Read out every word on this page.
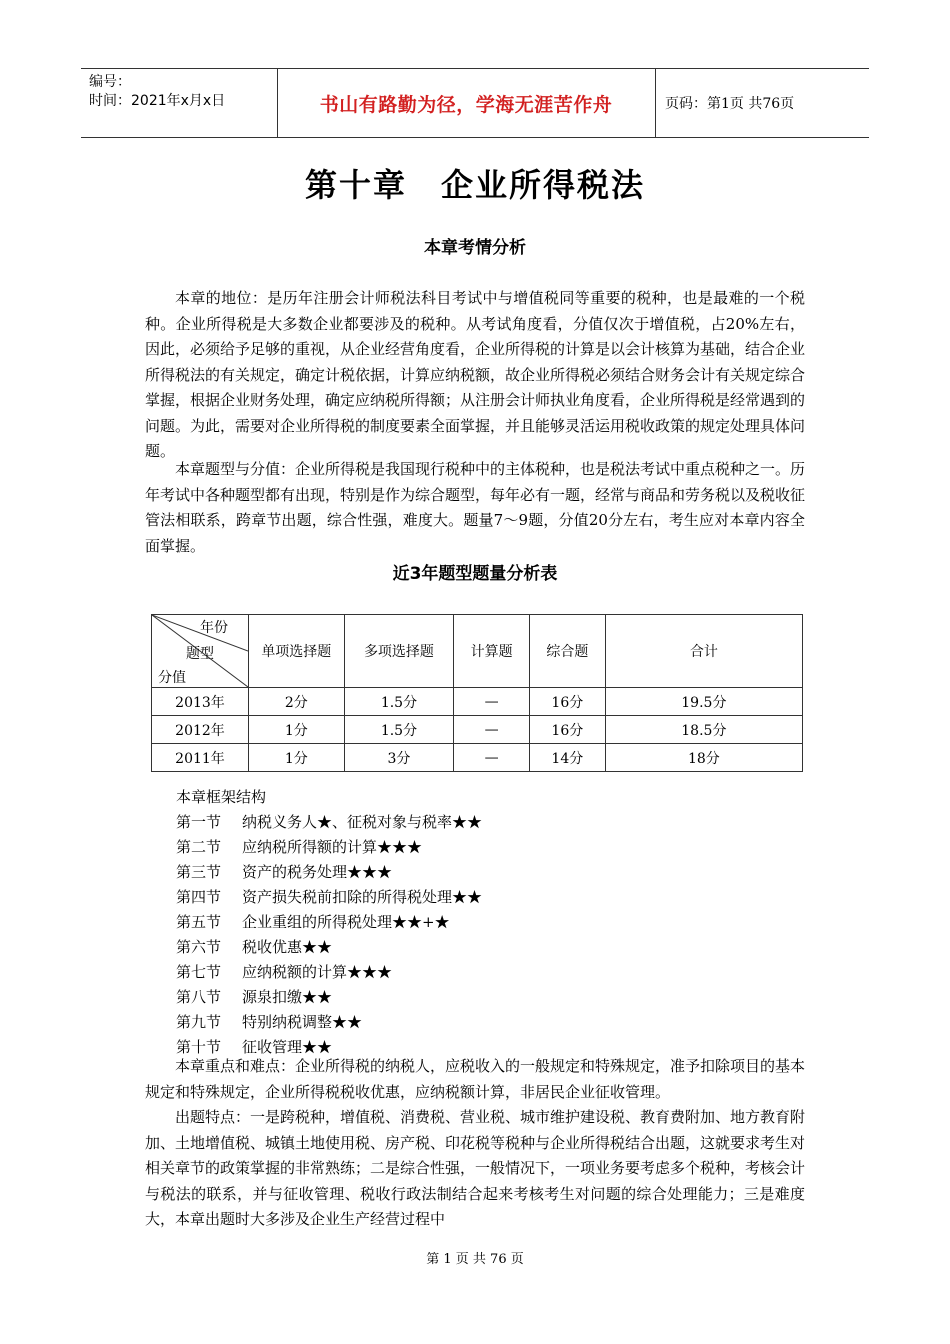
编号：
时间：2021年x月x日	书山有路勤为径，学海无涯苦作舟	页码：第1页 共76页
第十章　企业所得税法
本章考情分析
本章的地位：是历年注册会计师税法科目考试中与增值税同等重要的税种，也是最难的一个税种。企业所得税是大多数企业都要涉及的税种。从考试角度看，分值仅次于增值税，占20%左右，因此，必须给予足够的重视，从企业经营角度看，企业所得税的计算是以会计核算为基础，结合企业所得税法的有关规定，确定计税依据，计算应纳税额，故企业所得税必须结合财务会计有关规定综合掌握，根据企业财务处理，确定应纳税所得额；从注册会计师执业角度看，企业所得税是经常遇到的问题。为此，需要对企业所得税的制度要素全面掌握，并且能够灵活运用税收政策的规定处理具体问题。
本章题型与分值：企业所得税是我国现行税种中的主体税种，也是税法考试中重点税种之一。历年考试中各种题型都有出现，特别是作为综合题型，每年必有一题，经常与商品和劳务税以及税收征管法相联系，跨章节出题，综合性强，难度大。题量7～9题，分值20分左右，考生应对本章内容全面掌握。
近3年题型题量分析表
年份
题型
分值	单项选择题	多项选择题	计算题	综合题	合计
2013年	2分	1.5分	—	16分	19.5分
2012年	1分	1.5分	—	16分	18.5分
2011年	1分	3分	—	14分	18分
本章框架结构
第一节 纳税义务人★、征税对象与税率★★
第二节 应纳税所得额的计算★★★
第三节 资产的税务处理★★★
第四节 资产损失税前扣除的所得税处理★★
第五节 企业重组的所得税处理★★+★
第六节 税收优惠★★
第七节 应纳税额的计算★★★
第八节 源泉扣缴★★
第九节 特别纳税调整★★
第十节 征收管理★★
本章重点和难点：企业所得税的纳税人，应税收入的一般规定和特殊规定，准予扣除项目的基本规定和特殊规定，企业所得税税收优惠，应纳税额计算，非居民企业征收管理。
出题特点：一是跨税种，增值税、消费税、营业税、城市维护建设税、教育费附加、地方教育附加、土地增值税、城镇土地使用税、房产税、印花税等税种与企业所得税结合出题，这就要求考生对相关章节的政策掌握的非常熟练；二是综合性强，一般情况下，一项业务要考虑多个税种，考核会计与税法的联系，并与征收管理、税收行政法制结合起来考核考生对问题的综合处理能力；三是难度大，本章出题时大多涉及企业生产经营过程中
第 1 页 共 76 页
